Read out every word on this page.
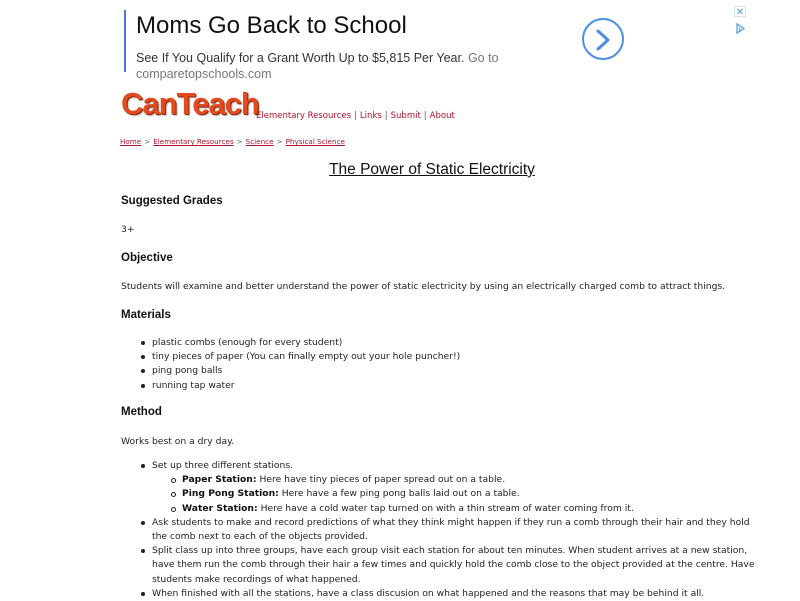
Moms Go Back to School
See If You Qualify for a Grant Worth Up to $5,815 Per Year. Go to
comparetopschools.com
✕
CanTeach
Elementary Resources | Links | Submit | About
Home > Elementary Resources > Science > Physical Science
The Power of Static Electricity
Suggested Grades
3+
Objective
Students will examine and better understand the power of static electricity by using an electrically charged comb to attract things.
Materials
plastic combs (enough for every student)
tiny pieces of paper (You can finally empty out your hole puncher!)
ping pong balls
running tap water
Method
Works best on a dry day.
Set up three different stations.
Paper Station: Here have tiny pieces of paper spread out on a table.
Ping Pong Station: Here have a few ping pong balls laid out on a table.
Water Station: Here have a cold water tap turned on with a thin stream of water coming from it.
Ask students to make and record predictions of what they think might happen if they run a comb through their hair and they hold the comb next to each of the objects provided.
Split class up into three groups, have each group visit each station for about ten minutes. When student arrives at a new station, have them run the comb through their hair a few times and quickly hold the comb close to the object provided at the centre. Have students make recordings of what happened.
When finished with all the stations, have a class discusion on what happened and the reasons that may be behind it all.
